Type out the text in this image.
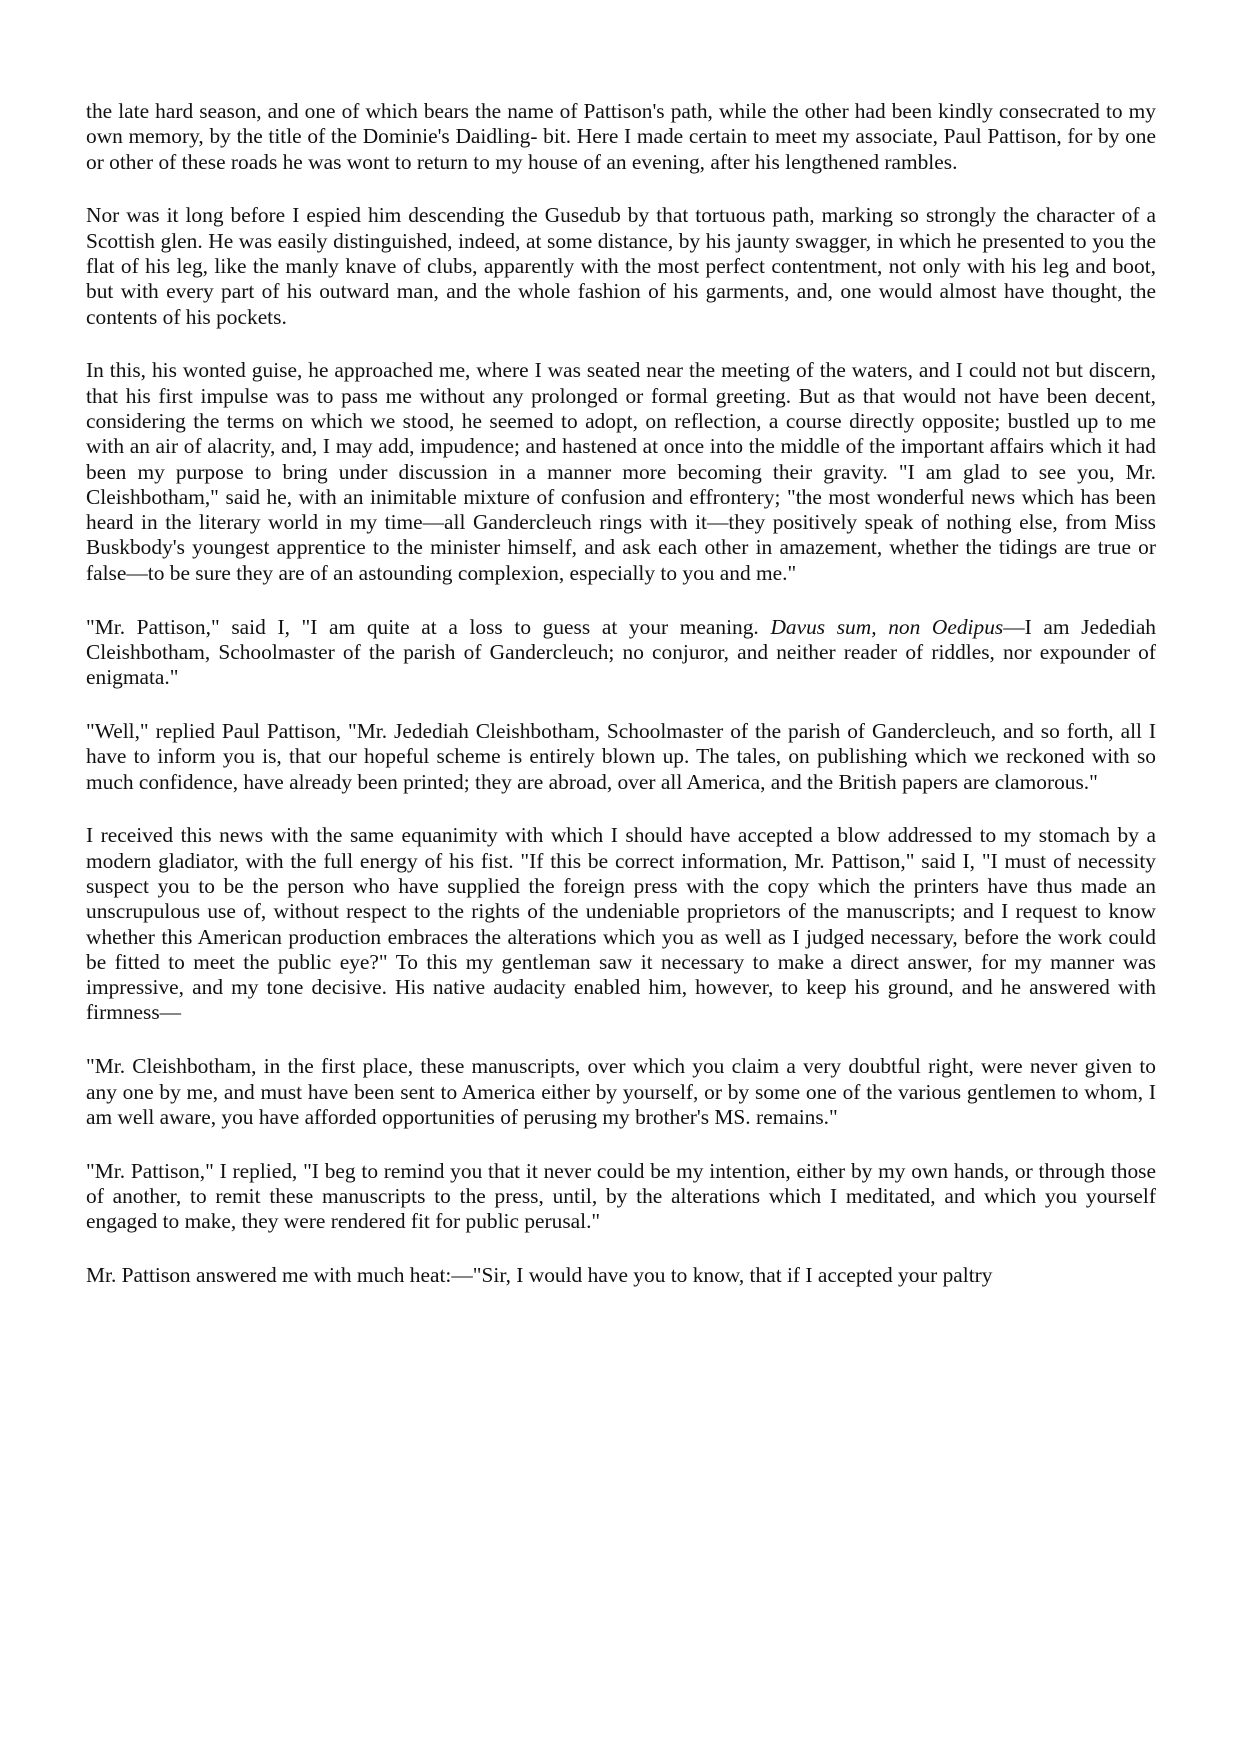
the late hard season, and one of which bears the name of Pattison's path, while the other had been kindly consecrated to my own memory, by the title of the Dominie's Daidling- bit. Here I made certain to meet my associate, Paul Pattison, for by one or other of these roads he was wont to return to my house of an evening, after his lengthened rambles.

Nor was it long before I espied him descending the Gusedub by that tortuous path, marking so strongly the character of a Scottish glen. He was easily distinguished, indeed, at some distance, by his jaunty swagger, in which he presented to you the flat of his leg, like the manly knave of clubs, apparently with the most perfect contentment, not only with his leg and boot, but with every part of his outward man, and the whole fashion of his garments, and, one would almost have thought, the contents of his pockets.

In this, his wonted guise, he approached me, where I was seated near the meeting of the waters, and I could not but discern, that his first impulse was to pass me without any prolonged or formal greeting. But as that would not have been decent, considering the terms on which we stood, he seemed to adopt, on reflection, a course directly opposite; bustled up to me with an air of alacrity, and, I may add, impudence; and hastened at once into the middle of the important affairs which it had been my purpose to bring under discussion in a manner more becoming their gravity. "I am glad to see you, Mr. Cleishbotham," said he, with an inimitable mixture of confusion and effrontery; "the most wonderful news which has been heard in the literary world in my time—all Gandercleuch rings with it—they positively speak of nothing else, from Miss Buskbody's youngest apprentice to the minister himself, and ask each other in amazement, whether the tidings are true or false—to be sure they are of an astounding complexion, especially to you and me."

"Mr. Pattison," said I, "I am quite at a loss to guess at your meaning. Davus sum, non Oedipus—I am Jedediah Cleishbotham, Schoolmaster of the parish of Gandercleuch; no conjuror, and neither reader of riddles, nor expounder of enigmata."

"Well," replied Paul Pattison, "Mr. Jedediah Cleishbotham, Schoolmaster of the parish of Gandercleuch, and so forth, all I have to inform you is, that our hopeful scheme is entirely blown up. The tales, on publishing which we reckoned with so much confidence, have already been printed; they are abroad, over all America, and the British papers are clamorous."

I received this news with the same equanimity with which I should have accepted a blow addressed to my stomach by a modern gladiator, with the full energy of his fist. "If this be correct information, Mr. Pattison," said I, "I must of necessity suspect you to be the person who have supplied the foreign press with the copy which the printers have thus made an unscrupulous use of, without respect to the rights of the undeniable proprietors of the manuscripts; and I request to know whether this American production embraces the alterations which you as well as I judged necessary, before the work could be fitted to meet the public eye?" To this my gentleman saw it necessary to make a direct answer, for my manner was impressive, and my tone decisive. His native audacity enabled him, however, to keep his ground, and he answered with firmness—

"Mr. Cleishbotham, in the first place, these manuscripts, over which you claim a very doubtful right, were never given to any one by me, and must have been sent to America either by yourself, or by some one of the various gentlemen to whom, I am well aware, you have afforded opportunities of perusing my brother's MS. remains."

"Mr. Pattison," I replied, "I beg to remind you that it never could be my intention, either by my own hands, or through those of another, to remit these manuscripts to the press, until, by the alterations which I meditated, and which you yourself engaged to make, they were rendered fit for public perusal."

Mr. Pattison answered me with much heat:—"Sir, I would have you to know, that if I accepted your paltry
